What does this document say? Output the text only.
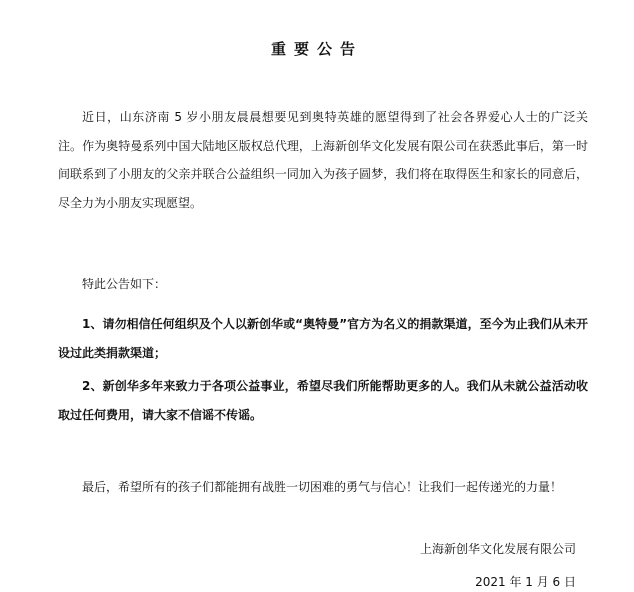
重要公告

近日，山东济南 5 岁小朋友晨晨想要见到奥特英雄的愿望得到了社会各界爱心人士的广泛关注。作为奥特曼系列中国大陆地区版权总代理，上海新创华文化发展有限公司在获悉此事后，第一时间联系到了小朋友的父亲并联合公益组织一同加入为孩子圆梦，我们将在取得医生和家长的同意后，尽全力为小朋友实现愿望。

特此公告如下：

1、请勿相信任何组织及个人以新创华或“奥特曼”官方为名义的捐款渠道，至今为止我们从未开设过此类捐款渠道；

2、新创华多年来致力于各项公益事业，希望尽我们所能帮助更多的人。我们从未就公益活动收取过任何费用，请大家不信谣不传谣。

最后，希望所有的孩子们都能拥有战胜一切困难的勇气与信心！让我们一起传递光的力量！

上海新创华文化发展有限公司

2021 年 1 月 6 日
